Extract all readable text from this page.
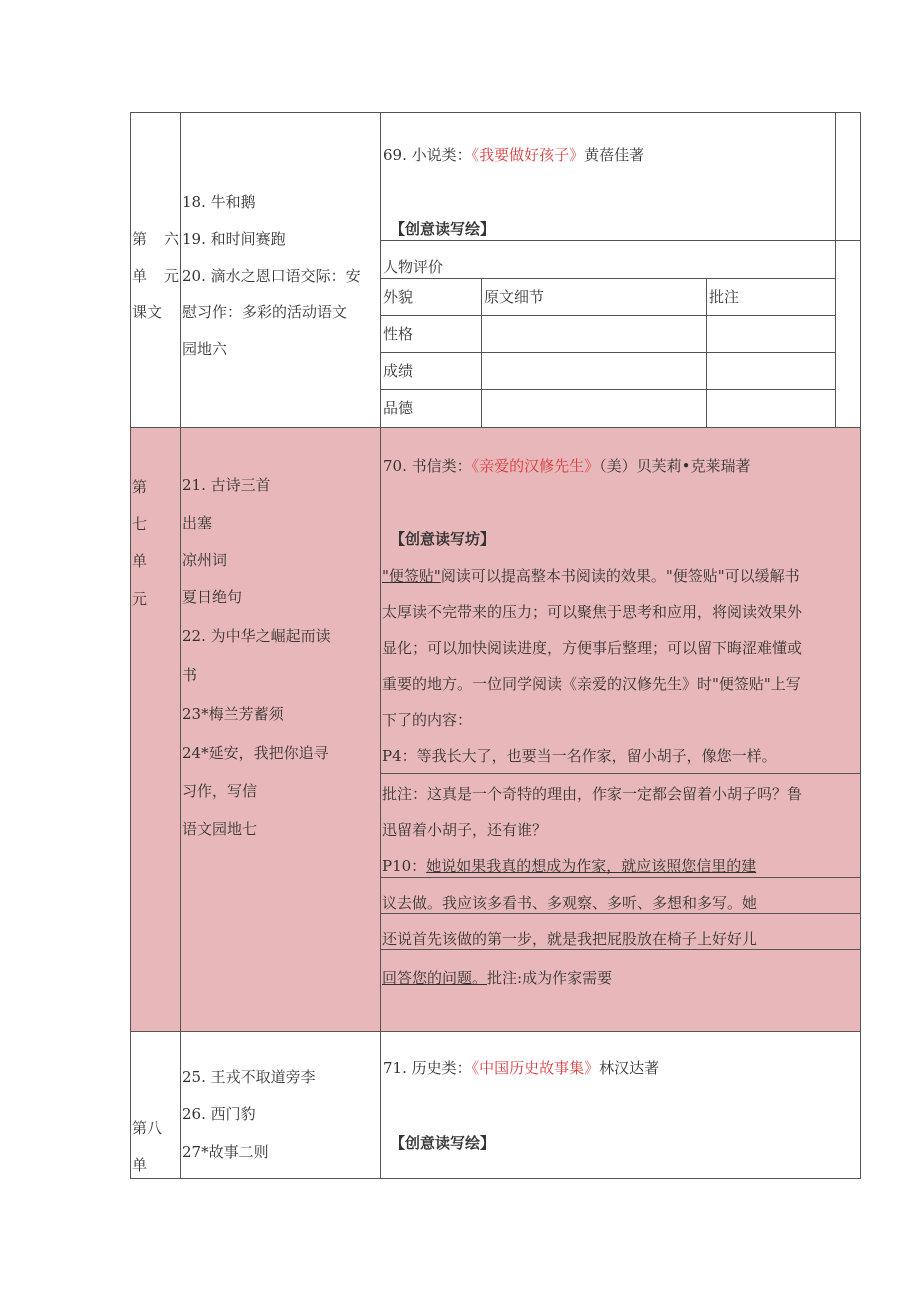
第　六
单　元
课文
18. 牛和鹅
19. 和时间赛跑
20. 滴水之恩口语交际：安
慰习作：多彩的活动语文
园地六
69. 小说类：《我要做好孩子》黄蓓佳著
【创意读写绘】
人物评价
外貌	原文细节	批注
性格
成绩
品德
第
七
单
元
21. 古诗三首
出塞
凉州词
夏日绝句
22. 为中华之崛起而读
书
23*梅兰芳蓄须
24*延安，我把你追寻
习作，写信
语文园地七
70. 书信类：《亲爱的汉修先生》（美）贝芙莉•克莱瑞著
【创意读写坊】
"便签贴"阅读可以提高整本书阅读的效果。"便签贴"可以缓解书
太厚读不完带来的压力；可以聚焦于思考和应用，将阅读效果外
显化；可以加快阅读进度，方便事后整理；可以留下晦涩难懂或
重要的地方。一位同学阅读《亲爱的汉修先生》时"便签贴"上写
下了的内容：
P4：等我长大了，也要当一名作家，留小胡子，像您一样。
批注：这真是一个奇特的理由，作家一定都会留着小胡子吗？鲁
迅留着小胡子，还有谁？
P10：她说如果我真的想成为作家，就应该照您信里的建
议去做。我应该多看书、多观察、多听、多想和多写。她
还说首先该做的第一步，就是我把屁股放在椅子上好好儿
回答您的问题。批注:成为作家需要
第八
单
25. 王戎不取道旁李
26. 西门豹
27*故事二则
71. 历史类：《中国历史故事集》林汉达著
【创意读写绘】
